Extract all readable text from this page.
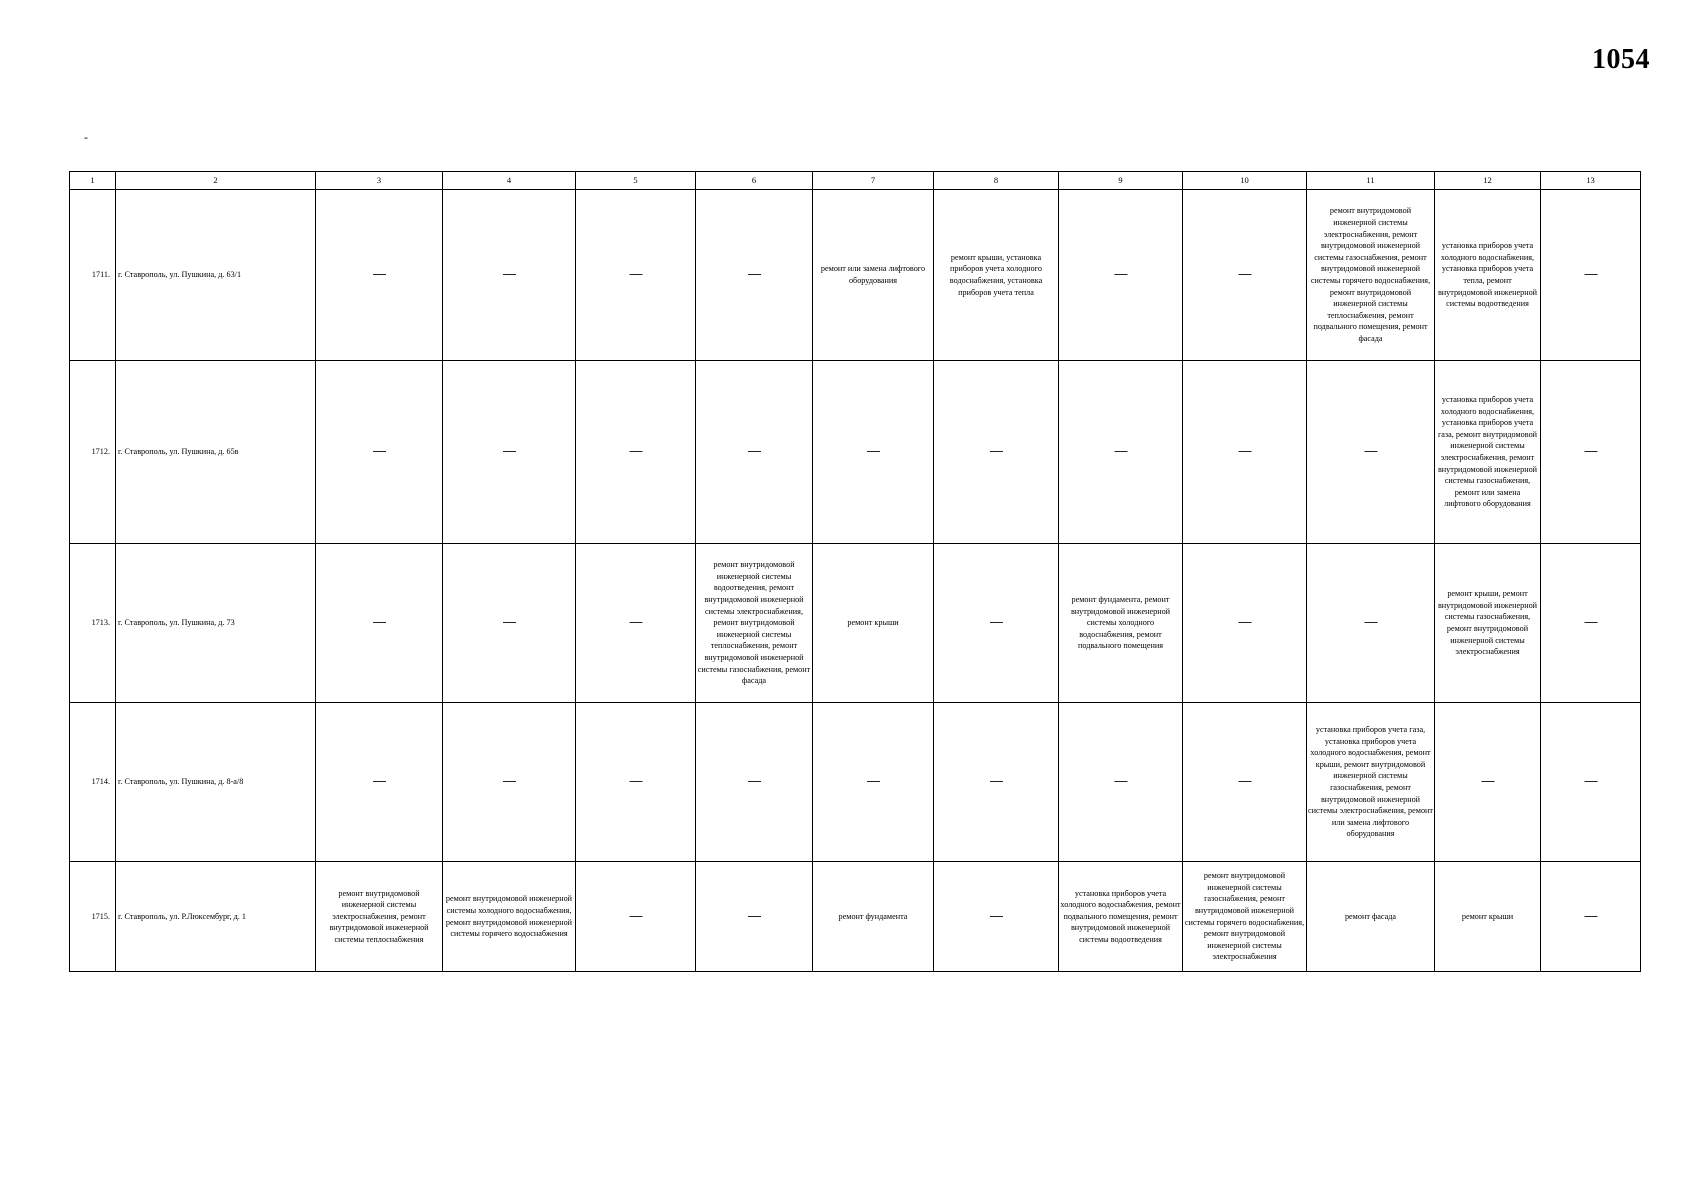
1054
-
1	2	3	4	5	6	7	8	9	10	11	12	13
1711.	г. Ставрополь, ул. Пушкина, д. 63/1	—	—	—	—	ремонт или замена лифтового оборудования	ремонт крыши, установка приборов учета холодного водоснабжения, установка приборов учета тепла	—	—	ремонт внутридомовой инженерной системы электроснабжения, ремонт внутридомовой инженерной системы газоснабжения, ремонт внутридомовой инженерной системы горячего водоснабжения, ремонт внутридомовой инженерной системы теплоснабжения, ремонт подвального помещения, ремонт фасада	установка приборов учета холодного водоснабжения, установка приборов учета тепла, ремонт внутридомовой инженерной системы водоотведения	—
1712.	г. Ставрополь, ул. Пушкина, д. 65в	—	—	—	—	—	—	—	—	—	установка приборов учета холодного водоснабжения, установка приборов учета газа, ремонт внутридомовой инженерной системы электроснабжения, ремонт внутридомовой инженерной системы газоснабжения, ремонт или замена лифтового оборудования	—
1713.	г. Ставрополь, ул. Пушкина, д. 73	—	—	—	ремонт внутридомовой инженерной системы водоотведения, ремонт внутридомовой инженерной системы электроснабжения, ремонт внутридомовой инженерной системы теплоснабжения, ремонт внутридомовой инженерной системы газоснабжения, ремонт фасада	ремонт крыши	—	ремонт фундамента, ремонт внутридомовой инженерной системы холодного водоснабжения, ремонт подвального помещения	—	—	ремонт крыши, ремонт внутридомовой инженерной системы газоснабжения, ремонт внутридомовой инженерной системы электроснабжения	—
1714.	г. Ставрополь, ул. Пушкина, д. 8-а/8	—	—	—	—	—	—	—	—	установка приборов учета газа, установка приборов учета холодного водоснабжения, ремонт крыши, ремонт внутридомовой инженерной системы газоснабжения, ремонт внутридомовой инженерной системы электроснабжения, ремонт или замена лифтового оборудования	—	—
1715.	г. Ставрополь, ул. Р.Люксембург, д. 1	ремонт внутридомовой инженерной системы электроснабжения, ремонт внутридомовой инженерной системы теплоснабжения	ремонт внутридомовой инженерной системы холодного водоснабжения, ремонт внутридомовой инженерной системы горячего водоснабжения	—	—	ремонт фундамента	—	установка приборов учета холодного водоснабжения, ремонт подвального помещения, ремонт внутридомовой инженерной системы водоотведения	ремонт внутридомовой инженерной системы газоснабжения, ремонт внутридомовой инженерной системы горячего водоснабжения, ремонт внутридомовой инженерной системы электроснабжения	ремонт фасада	ремонт крыши	—
